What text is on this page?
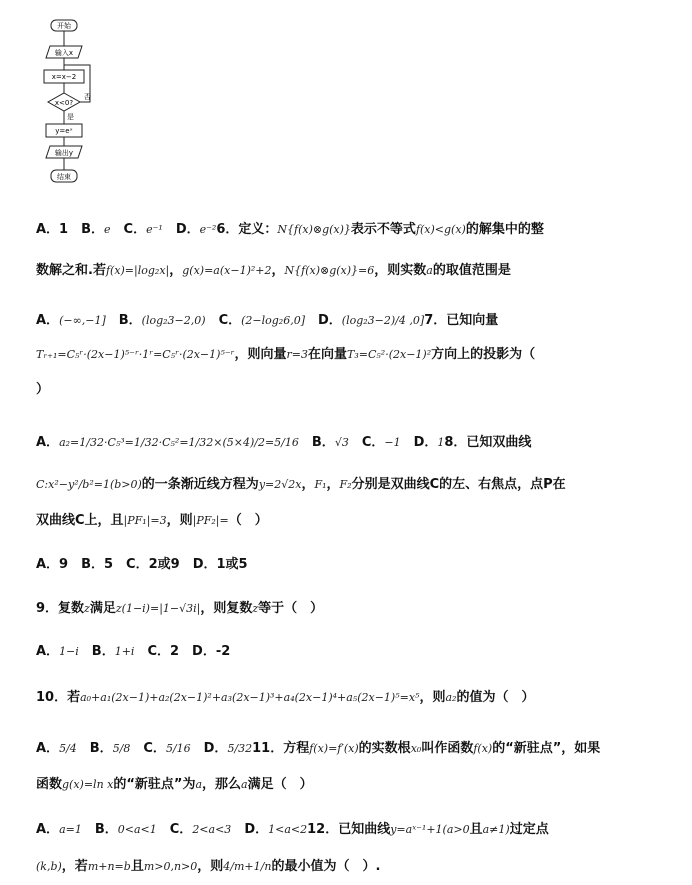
开始
输入x
x=x−2
x<0?
否
是
y=eˣ
输出y
结束
A．1　B．e　C．e⁻¹　D．e⁻²6．定义：N{f(x)⊗g(x)}表示不等式f(x)<g(x)的解集中的整
数解之和.若f(x)=|log₂x|，g(x)=a(x−1)²+2，N{f(x)⊗g(x)}=6，则实数a的取值范围是
A．(−∞,−1]　B．(log₂3−2,0)　C．(2−log₂6,0]　D．(log₂3−2)/4 ,0]7．已知向量
Tᵣ₊₁=C₅ʳ·(2x−1)⁵⁻ʳ·1ʳ=C₅ʳ·(2x−1)⁵⁻ʳ，则向量r=3在向量T₃=C₅²·(2x−1)²方向上的投影为（
）
A．a₂=1/32·C₅³=1/32·C₅²=1/32×(5×4)/2=5/16　B．√3　C．−1　D．18．已知双曲线
C:x²−y²/b²=1(b>0)的一条渐近线方程为y=2√2x，F₁，F₂分别是双曲线C的左、右焦点，点P在
双曲线C上，且|PF₁|=3，则|PF₂|=（　）
A．9　B．5　C．2或9　D．1或5
9．复数z满足z(1−i)=|1−√3i|，则复数z等于（　）
A．1−i　B．1+i　C．2　D．-2
10．若a₀+a₁(2x−1)+a₂(2x−1)²+a₃(2x−1)³+a₄(2x−1)⁴+a₅(2x−1)⁵=x⁵，则a₂的值为（　）
A．5/4　B．5/8　C．5/16　D．5/3211．方程f(x)=f′(x)的实数根x₀叫作函数f(x)的“新驻点”，如果
函数g(x)=ln x的“新驻点”为a，那么a满足（　）
A．a=1　B．0<a<1　C．2<a<3　D．1<a<212．已知曲线y=aˣ⁻¹+1(a>0且a≠1)过定点
(k,b)，若m+n=b且m>0,n>0，则4/m+1/n的最小值为（　）.
